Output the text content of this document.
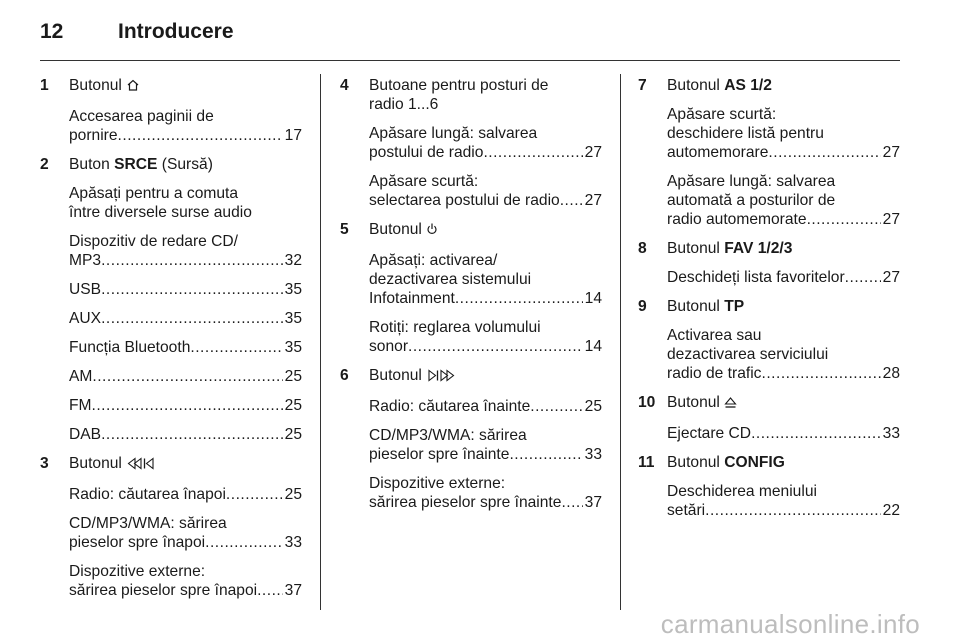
12	Introducere
1 Butonul
Accesarea paginii de
pornire .....	17
2 Buton SRCE (Sursă)
Apăsați pentru a comuta
între diversele surse audio
Dispozitiv de redare CD/
MP3 .....	32
USB .....	35
AUX .....	35
Funcția Bluetooth .....	35
AM .....	25
FM .....	25
DAB .....	25
3 Butonul
Radio: căutarea înapoi .....	25
CD/MP3/WMA: sărirea
pieselor spre înapoi .....	33
Dispozitive externe:
sărirea pieselor spre înapoi ..... 37
4 Butoane pentru posturi de
radio 1...6
Apăsare lungă: salvarea
postului de radio .....	27
Apăsare scurtă:
selectarea postului de radio ..... 27
5 Butonul
Apăsați: activarea/
dezactivarea sistemului
Infotainment .....	14
Rotiți: reglarea volumului
sonor .....	14
6 Butonul
Radio: căutarea înainte .....	25
CD/MP3/WMA: sărirea
pieselor spre înainte .....	33
Dispozitive externe:
sărirea pieselor spre înainte ..... 37
7 Butonul AS 1/2
Apăsare scurtă:
deschidere listă pentru
automemorare .....	27
Apăsare lungă: salvarea
automată a posturilor de
radio automemorate .....	27
8 Butonul FAV 1/2/3
Deschideți lista favoritelor ..... 27
9 Butonul TP
Activarea sau
dezactivarea serviciului
radio de trafic .....	28
10 Butonul
Ejectare CD .....	33
11 Butonul CONFIG
Deschiderea meniului
setări .....	22
carmanualsonline.info
